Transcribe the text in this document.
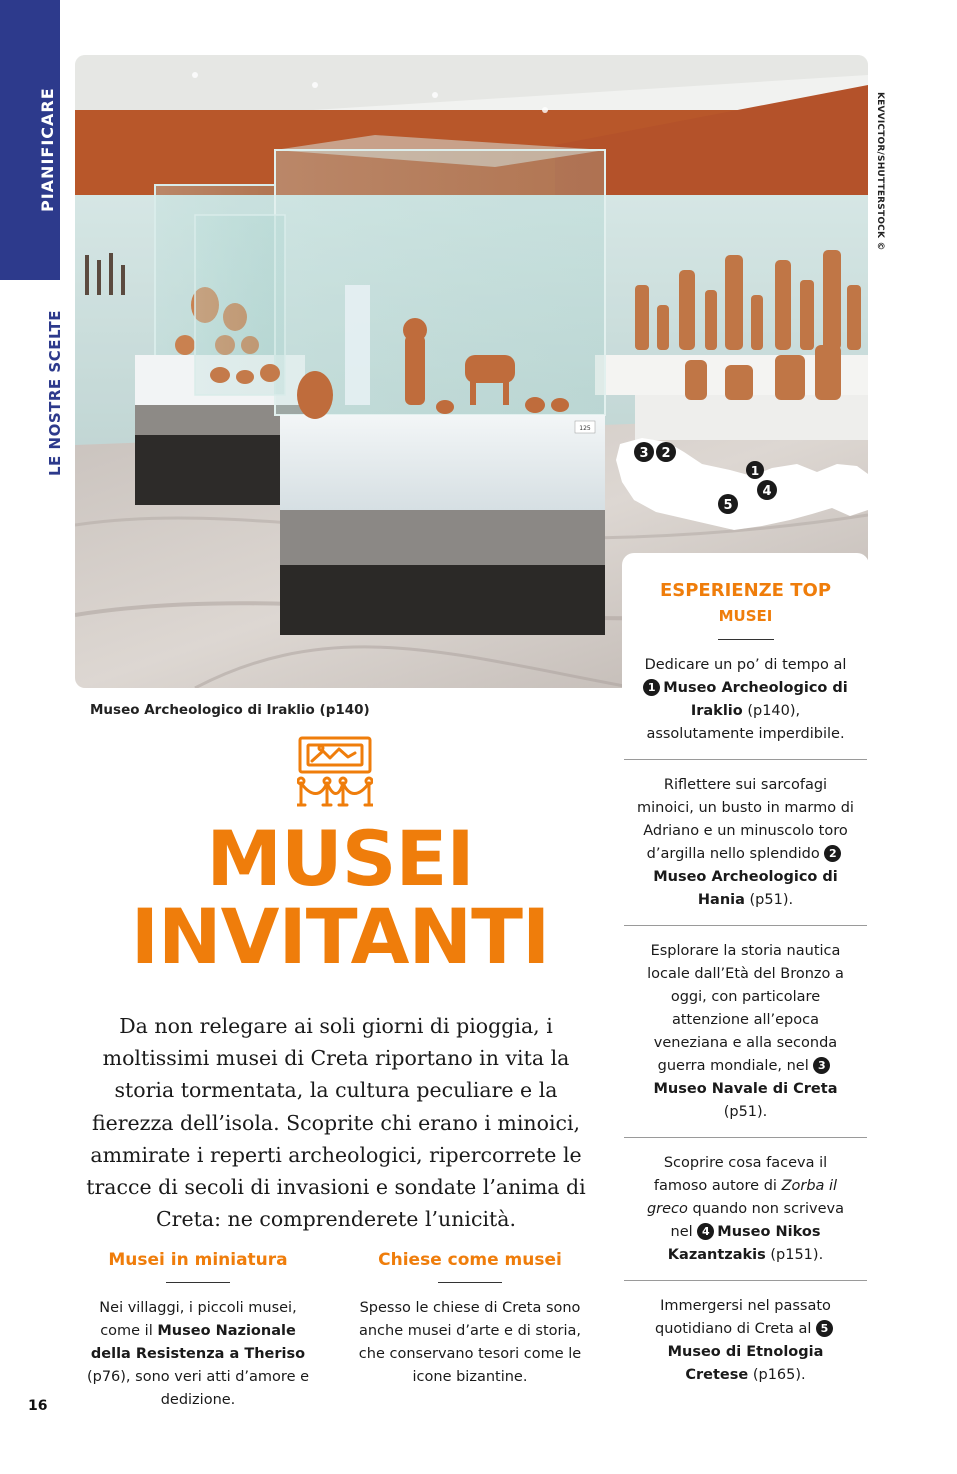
PIANIFICARE
LE NOSTRE SCELTE	125
KEVVICTOR/SHUTTERSTOCK ©
3 2
1
4
5
Museo Archeologico di Iraklio (p140)
MUSEI
INVITANTI

Da non relegare ai soli giorni di pioggia, i moltissimi musei di Creta riportano in vita la storia tormentata, la cultura peculiare e la fierezza dell’isola. Scoprite chi erano i minoici, ammirate i reperti archeologici, ripercorrete le tracce di secoli di invasioni e sondate l’anima di Creta: ne comprenderete l’unicità.

Musei in miniatura

Nei villaggi, i piccoli musei, come il Museo Nazionale della Resistenza a Theriso (p76), sono veri atti d’amore e dedizione.

Chiese come musei

Spesso le chiese di Creta sono anche musei d’arte e di storia, che conservano tesori come le icone bizantine.

16

ESPERIENZE TOP

MUSEI

Dedicare un po’ di tempo al 1 Museo Archeologico di Iraklio (p140), assolutamente imperdibile.
Riflettere sui sarcofagi minoici, un busto in marmo di Adriano e un minuscolo toro d’argilla nello splendido 2Museo Archeologico di Hania (p51).
Esplorare la storia nautica locale dall’Età del Bronzo a oggi, con particolare attenzione all’epoca veneziana e alla seconda guerra mondiale, nel 3Museo Navale di Creta (p51).
Scoprire cosa faceva il famoso autore di Zorba il greco quando non scriveva nel 4 Museo Nikos Kazantzakis (p151).
Immergersi nel passato quotidiano di Creta al 5Museo di Etnologia Cretese (p165).
